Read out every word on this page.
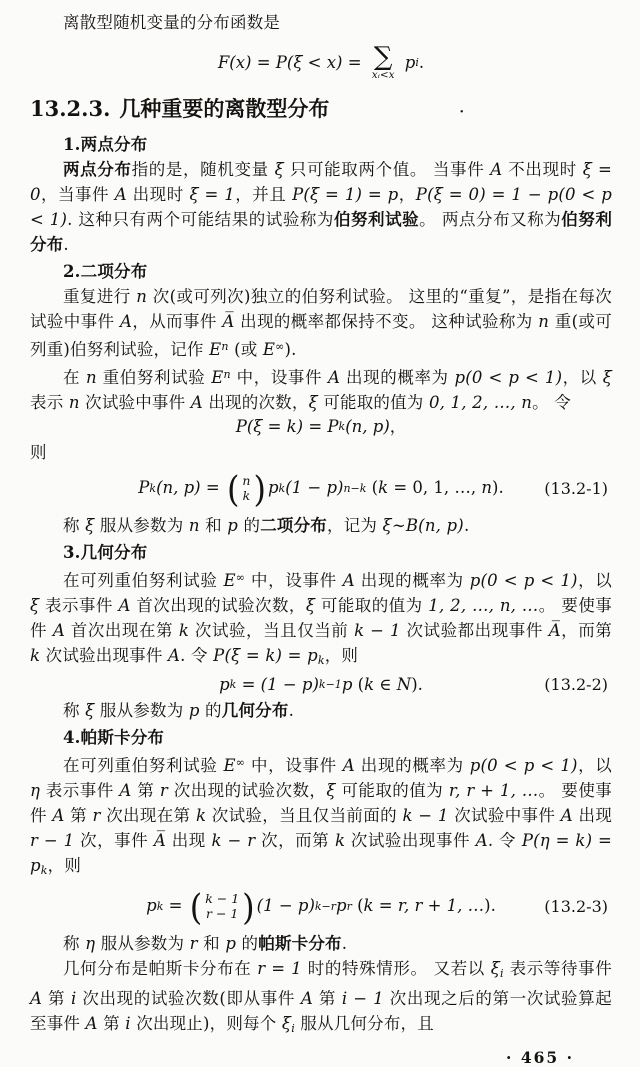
离散型随机变量的分布函数是

F(x) = P(ξ < x) = ∑
xᵢ<x
p i .
13.2.3. 几种重要的离散型分布	·

1.两点分布

两点分布指的是，随机变量 ξ 只可能取两个值。 当事件 A 不出现时 ξ = 0，当事件 A 出现时 ξ = 1，并且 P(ξ = 1) = p，P(ξ = 0) = 1 − p(0 < p < 1). 这种只有两个可能结果的试验称为伯努利试验。 两点分布又称为伯努利分布.

2.二项分布

重复进行 n 次(或可列次)独立的伯努利试验。 这里的“重复”，是指在每次试验中事件 A，从而事件 A̅ 出现的概率都保持不变。 这种试验称为 n 重(或可列重)伯努利试验，记作 $E^n$ (或 E∞).

在 n 重伯努利试验 $E^n$ 中，设事件 A 出现的概率为 p(0 < p < 1)，以 ξ 表示 n 次试验中事件 A 出现的次数，ξ 可能取的值为 0, 1, 2, …, n。 令

P(ξ = k) = P k (n, p) ，

则

P k (n, p) = ( n
k ) p k (1 − p) n−k ( k = 0, 1, …, n ).	(13.2-1)

称 ξ 服从参数为 n 和 p 的二项分布，记为 ξ∼B(n, p).

3.几何分布

在可列重伯努利试验 E∞ 中，设事件 A 出现的概率为 p(0 < p < 1)，以 ξ 表示事件 A 首次出现的试验次数，ξ 可能取的值为 1, 2, …, n, …。 要使事件 A 首次出现在第 k 次试验，当且仅当前 k − 1 次试验都出现事件 A̅，而第 k 次试验出现事件 A. 令 $P(\xi = k) = p_k$，则

p k = (1 − p) k−1 p ( k ∈ N ).	(13.2-2)

称 ξ 服从参数为 p 的几何分布.

4.帕斯卡分布

在可列重伯努利试验 E∞ 中，设事件 A 出现的概率为 p(0 < p < 1)，以 η 表示事件 A 第 r 次出现的试验次数，ξ 可能取的值为 r, r + 1, …。 要使事件 A 第 r 次出现在第 k 次试验，当且仅当前面的 k − 1 次试验中事件 A 出现 r − 1 次，事件 A̅ 出现 k − r 次，而第 k 次试验出现事件 A. 令 $P(\eta = k) = p_k$，则

p k = ( k − 1
r − 1 ) (1 − p) k−r p r ( k = r, r + 1, … ).	(13.2-3)

称 η 服从参数为 r 和 p 的帕斯卡分布.

几何分布是帕斯卡分布在 r = 1 时的特殊情形。 又若以 $\xi_i$ 表示等待事件 A 第 i 次出现的试验次数(即从事件 A 第 i − 1 次出现之后的第一次试验算起至事件 A 第 i 次出现止)，则每个 $\xi_i$ 服从几何分布，且

· 465 ·
